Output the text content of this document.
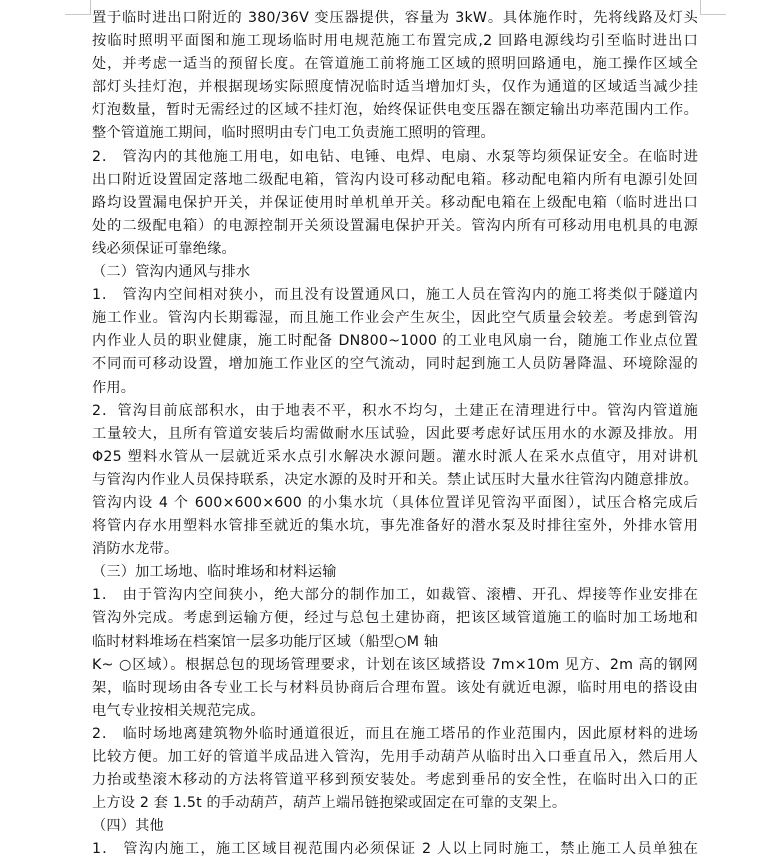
置于临时进出口附近的 380/36V 变压器提供，容量为 3kW。具体施作时，先将线路及灯头
按临时照明平面图和施工现场临时用电规范施工布置完成,2 回路电源线均引至临时进出口
处，并考虑一适当的预留长度。在管道施工前将施工区域的照明回路通电，施工操作区域全
部灯头挂灯泡，并根据现场实际照度情况临时适当增加灯头，仅作为通道的区域适当减少挂
灯泡数量，暂时无需经过的区域不挂灯泡，始终保证供电变压器在额定输出功率范围内工作。
整个管道施工期间，临时照明由专门电工负责施工照明的管理。
2． 管沟内的其他施工用电，如电钻、电锤、电焊、电扇、水泵等均须保证安全。在临时进
出口附近设置固定落地二级配电箱，管沟内设可移动配电箱。移动配电箱内所有电源引处回
路均设置漏电保护开关，并保证使用时单机单开关。移动配电箱在上级配电箱（临时进出口
处的二级配电箱）的电源控制开关须设置漏电保护开关。管沟内所有可移动用电机具的电源
线必须保证可靠绝缘。
（二）管沟内通风与排水
1． 管沟内空间相对狭小，而且没有设置通风口，施工人员在管沟内的施工将类似于隧道内
施工作业。管沟内长期霉湿，而且施工作业会产生灰尘，因此空气质量会较差。考虑到管沟
内作业人员的职业健康，施工时配备 DN800~1000 的工业电风扇一台，随施工作业点位置
不同而可移动设置，增加施工作业区的空气流动，同时起到施工人员防暑降温、环境除湿的
作用。
2．管沟目前底部积水，由于地表不平，积水不均匀，土建正在清理进行中。管沟内管道施
工量较大，且所有管道安装后均需做耐水压试验，因此要考虑好试压用水的水源及排放。用
Φ25 塑料水管从一层就近采水点引水解决水源问题。灌水时派人在采水点值守，用对讲机
与管沟内作业人员保持联系，决定水源的及时开和关。禁止试压时大量水往管沟内随意排放。
管沟内设 4 个 600×600×600 的小集水坑（具体位置详见管沟平面图），试压合格完成后
将管内存水用塑料水管排至就近的集水坑，事先准备好的潜水泵及时排往室外，外排水管用
消防水龙带。
（三）加工场地、临时堆场和材料运输
1． 由于管沟内空间狭小，绝大部分的制作加工，如裁管、滚槽、开孔、焊接等作业安排在
管沟外完成。考虑到运输方便，经过与总包土建协商，把该区域管道施工的临时加工场地和
临时材料堆场在档案馆一层多功能厅区域（船型○M 轴
K~ ○区域）。根据总包的现场管理要求，计划在该区域搭设 7m×10m 见方、2m 高的钢网
架，临时现场由各专业工长与材料员协商后合理布置。该处有就近电源，临时用电的搭设由
电气专业按相关规范完成。
2． 临时场地离建筑物外临时通道很近，而且在施工塔吊的作业范围内，因此原材料的进场
比较方便。加工好的管道半成品进入管沟，先用手动葫芦从临时出入口垂直吊入，然后用人
力抬或垫滚木移动的方法将管道平移到预安装处。考虑到垂吊的安全性，在临时出入口的正
上方设 2 套 1.5t 的手动葫芦，葫芦上端吊链抱梁或固定在可靠的支架上。
（四）其他
1． 管沟内施工，施工区域目视范围内必须保证 2 人以上同时施工，禁止施工人员单独在
